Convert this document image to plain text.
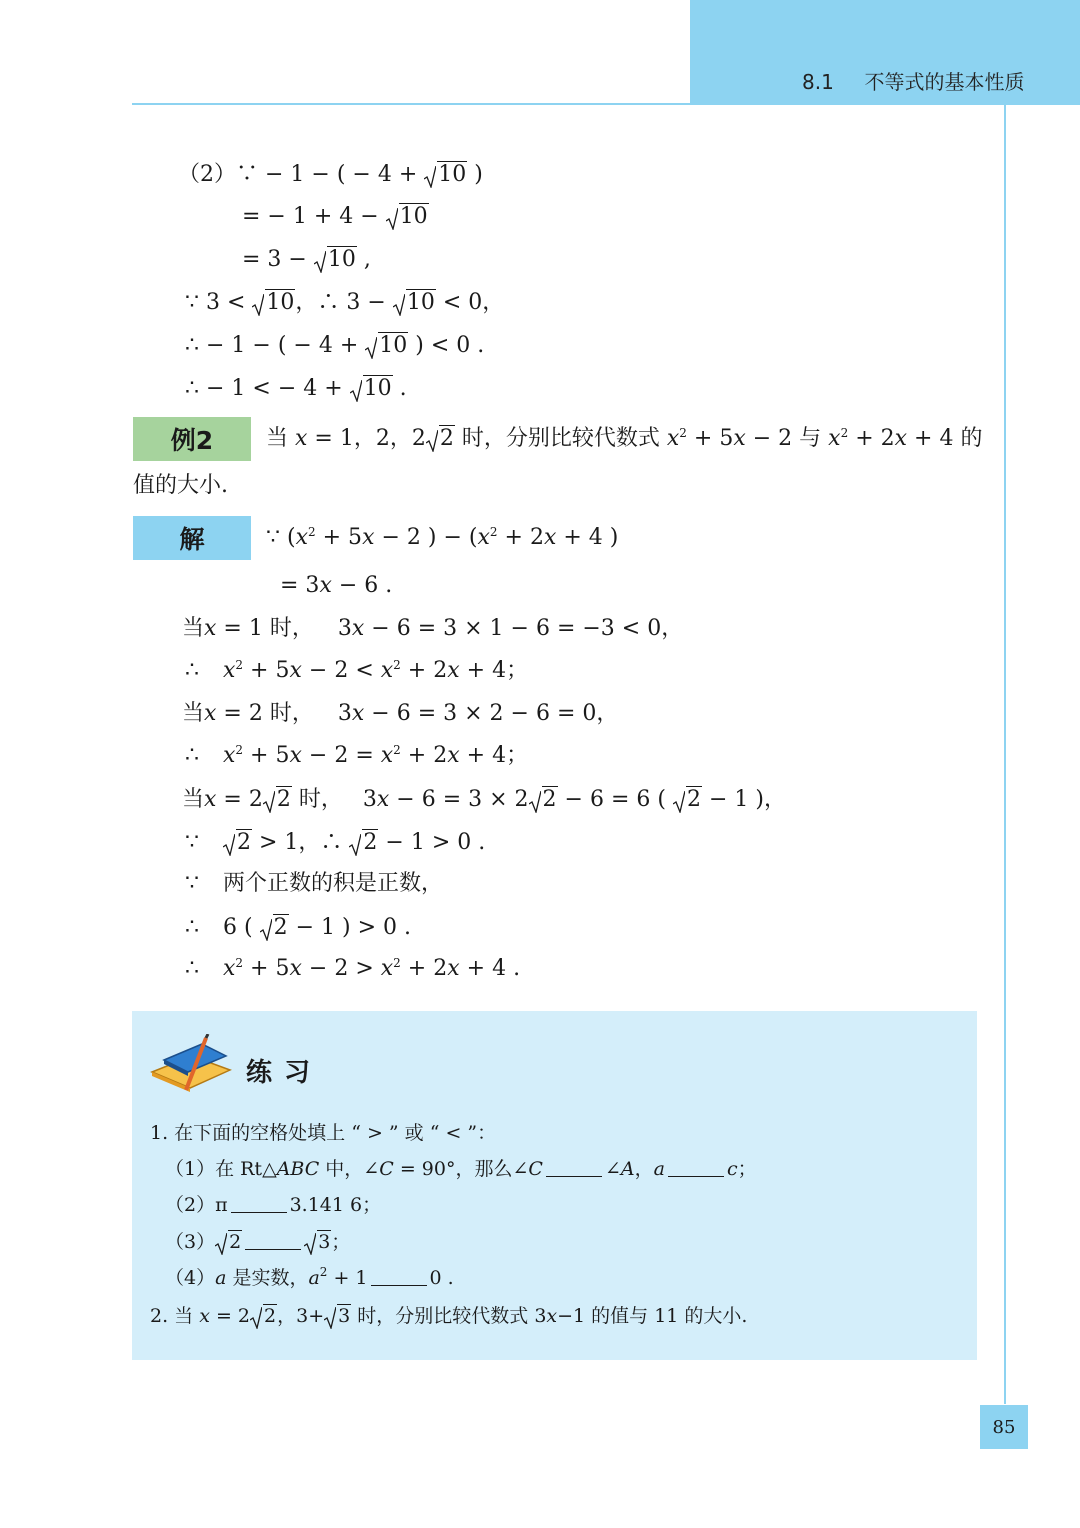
8.1 不等式的基本性质
（2）∵ − 1 − ( − 4 +
10 )
= − 1 + 4 −
10
= 3 −
10 ,
∵ 3 <
10，∴ 3 −
10 < 0，
∴ − 1 − ( − 4 +
10 ) < 0 .
∴ − 1 < − 4 +
10 .
例2	当 x = 1，2，2 2 时，分别比较代数式 $x^2 + 5x - 2$ 与 $x^2 + 2x + 4$ 的
值的大小.
解	∵ ($x^2 + 5x - 2$ ) − ($x^2 + 2x + 4$ )
= 3x − 6 .
当x = 1 时， 3x − 6 = 3 × 1 − 6 = −3 < 0，
∴ $x^2 + 5x - 2 < x^2 + 2x + 4$；
当x = 2 时， 3x − 6 = 3 × 2 − 6 = 0，
∴ $x^2 + 5x - 2 = x^2 + 2x + 4$；
当x = 2 2 时， 3x − 6 = 3 × 2 2 − 6 = 6 (
2 − 1 )，
∵ 2 > 1，∴
2 − 1 > 0 .
∵ 两个正数的积是正数，
∴ 6 (
2 − 1 ) > 0 .
∴ $x^2 + 5x - 2 > x^2 + 2x + 4$ .
练习
1. 在下面的空格处填上 “ > ” 或 “ < ”：
（1）在 Rt△ABC 中，∠C = 90°，那么∠C	∠A，a	c；
（2）π	3.141 6；
（3） 2	3；
（4）a 是实数，$a^2 + 1$	0 .
2. 当 x = 2 2，3+ 3 时，分别比较代数式 3x−1 的值与 11 的大小.
85
